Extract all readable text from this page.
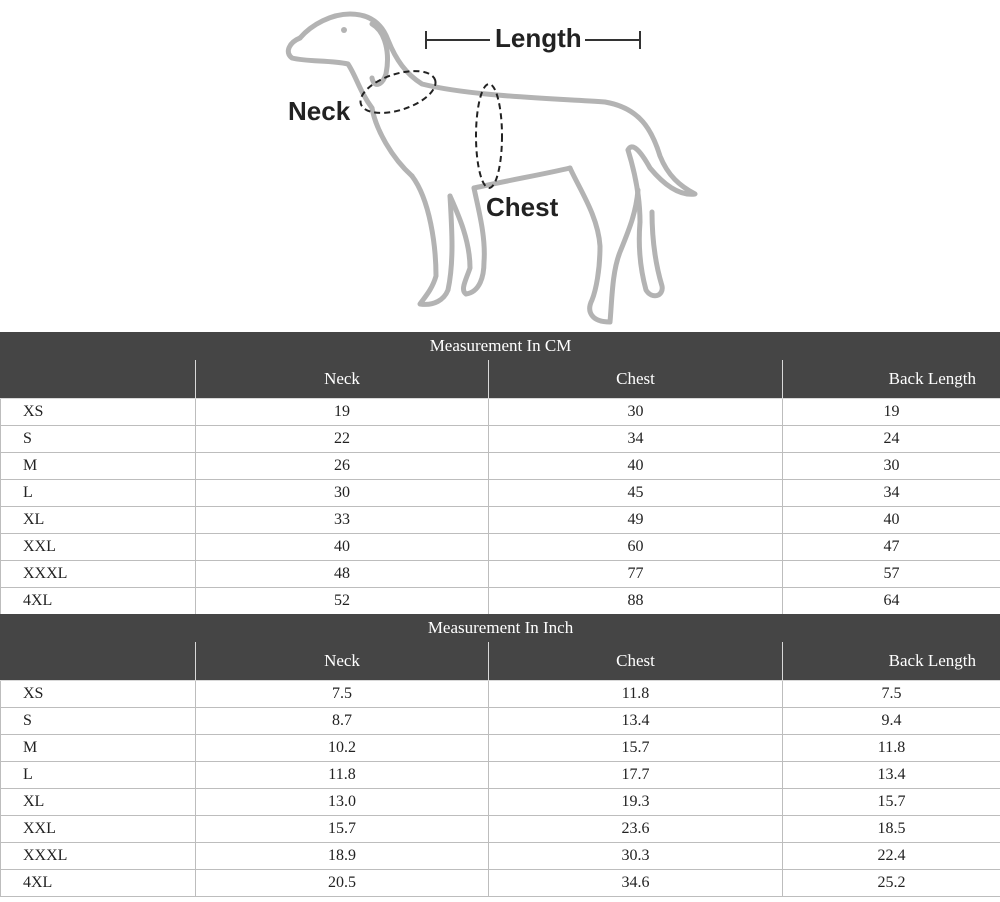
Length
Neck
Chest
Measurement In CM			
	Neck	Chest	Back Length
XS	19	30	19
S	22	34	24
M	26	40	30
L	30	45	34
XL	33	49	40
XXL	40	60	47
XXXL	48	77	57
4XL	52	88	64
Measurement In Inch			
	Neck	Chest	Back Length
XS	7.5	11.8	7.5
S	8.7	13.4	9.4
M	10.2	15.7	11.8
L	11.8	17.7	13.4
XL	13.0	19.3	15.7
XXL	15.7	23.6	18.5
XXXL	18.9	30.3	22.4
4XL	20.5	34.6	25.2
